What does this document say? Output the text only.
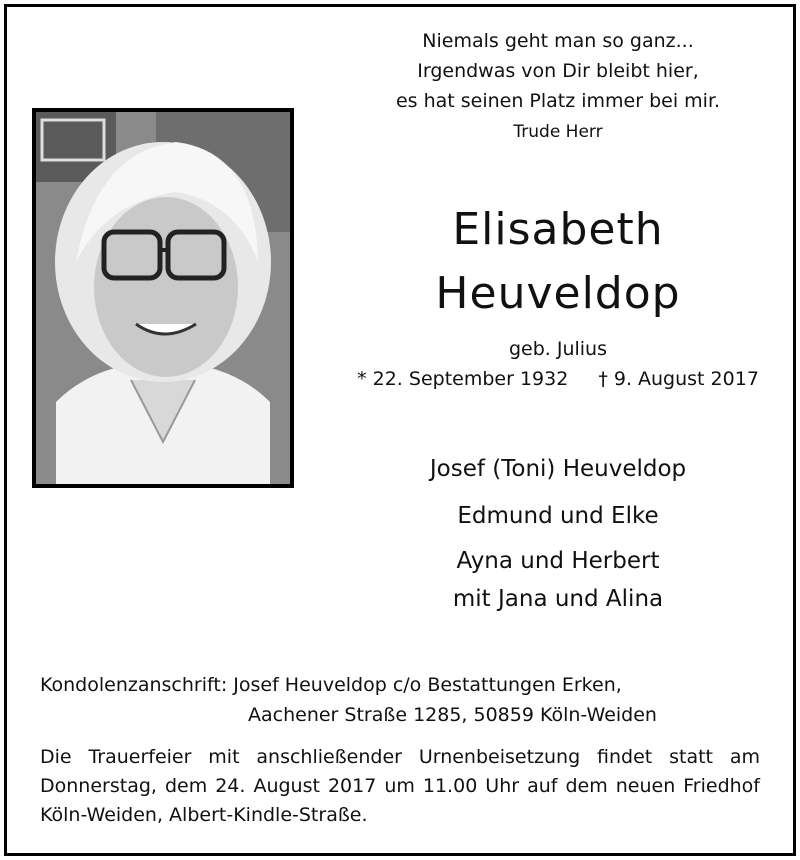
Niemals geht man so ganz...
Irgendwas von Dir bleibt hier,
es hat seinen Platz immer bei mir.
Trude Herr
Elisabeth
Heuveldop
geb. Julius
* 22. September 1932 † 9. August 2017
Josef (Toni) Heuveldop
Edmund und Elke
Ayna und Herbert
mit Jana und Alina
Kondolenzanschrift: Josef Heuveldop c/o Bestattungen Erken,
Aachener Straße 1285, 50859 Köln-Weiden
Die Trauerfeier mit anschließender Urnenbeisetzung findet statt am
Donnerstag, dem 24. August 2017 um 11.00 Uhr auf dem neuen Friedhof
Köln-Weiden, Albert-Kindle-Straße.
